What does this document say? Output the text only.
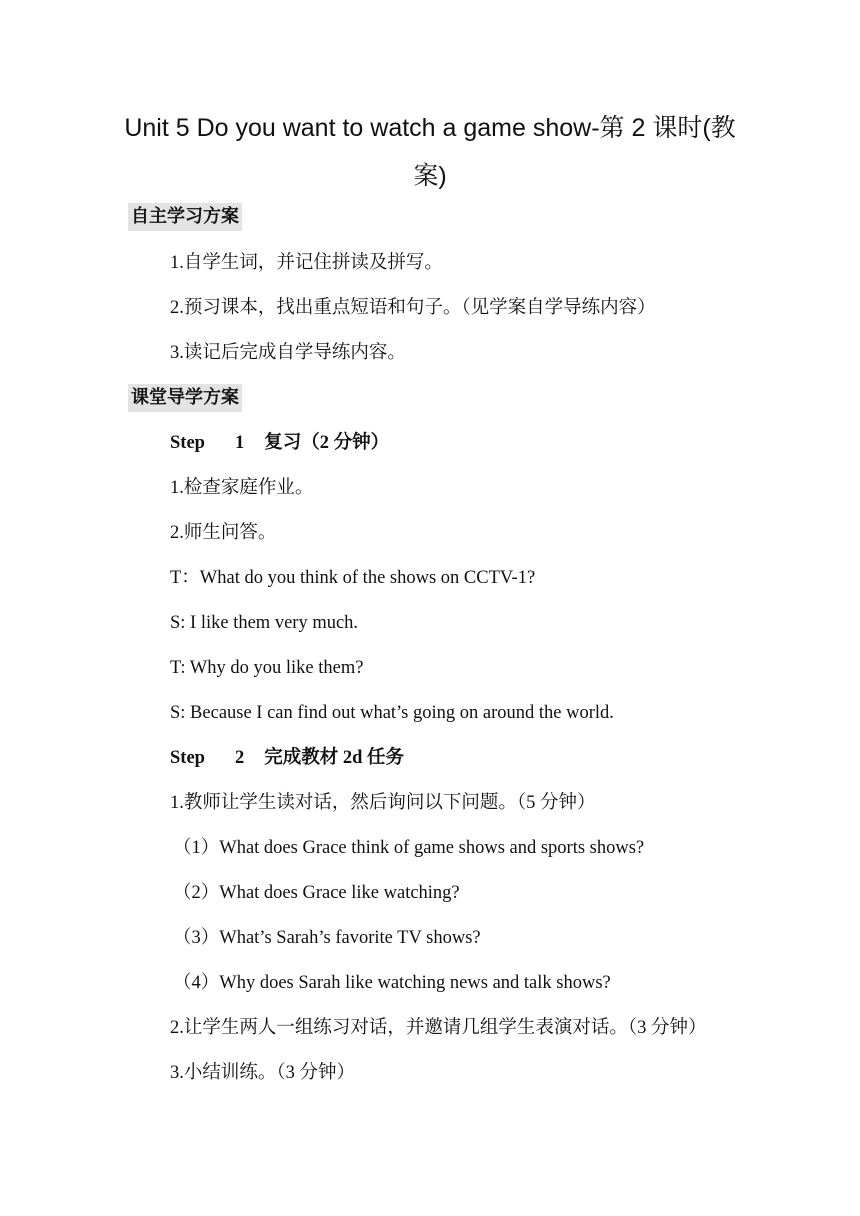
Unit 5 Do you want to watch a game show-第 2 课时(教
案)
自主学习方案
1.自学生词，并记住拼读及拼写。
2.预习课本，找出重点短语和句子。（见学案自学导练内容）
3.读记后完成自学导练内容。
课堂导学方案
Step 1 复习（2 分钟）
1.检查家庭作业。
2.师生问答。
T：What do you think of the shows on CCTV-1?
S: I like them very much.
T: Why do you like them?
S: Because I can find out what’s going on around the world.
Step 2 完成教材 2d 任务
1.教师让学生读对话，然后询问以下问题。（5 分钟）
（1）What does Grace think of game shows and sports shows?
（2）What does Grace like watching?
（3）What’s Sarah’s favorite TV shows?
（4）Why does Sarah like watching news and talk shows?
2.让学生两人一组练习对话，并邀请几组学生表演对话。（3 分钟）
3.小结训练。（3 分钟）
